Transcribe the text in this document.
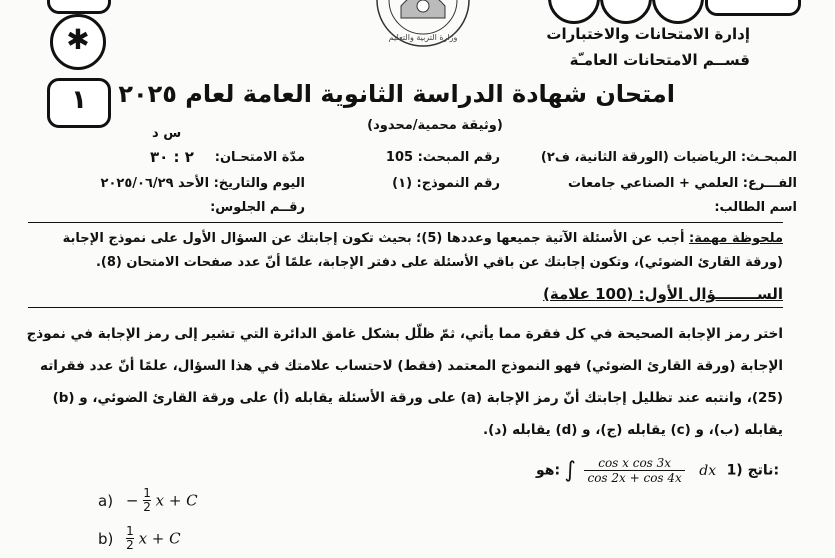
✱
١
وزارة التربية والتعليم	إدارة الامتحانات والاختبارات
قســم الامتحانات العامـّة
امتحان شهادة الدراسة الثانوية العامة لعام ٢٠٢٥
(وثيقة محمية/محدود)
المبحـث: الرياضيات (الورقة الثانية، ف٢)
رقم المبحث: 105
مدّة الامتحـان:
س د
٢ : ٣٠
الفـــرع: العلمي + الصناعي جامعات
رقم النموذج: (١)
اليوم والتاريخ: الأحد ٢٠٢٥/٠٦/٢٩
اسم الطالب:
رقــم الجلوس:
ملحوظة مهمة: أجب عن الأسئلة الآتية جميعها وعددها (5)؛ بحيث تكون إجابتك عن السؤال الأول على نموذج الإجابة
(ورقة القارئ الضوئي)، وتكون إجابتك عن باقي الأسئلة على دفتر الإجابة، علمًا أنّ عدد صفحات الامتحان (8).
الســــــــؤال الأول: (100 علامة)
اختر رمز الإجابة الصحيحة في كل فقرة مما يأتي، ثمّ ظلّل بشكل غامق الدائرة التي تشير إلى رمز الإجابة في نموذج
الإجابة (ورقة القارئ الضوئي) فهو النموذج المعتمد (فقط) لاحتساب علامتك في هذا السؤال، علمًا أنّ عدد فقراته
(25)، وانتبه عند تظليل إجابتك أنّ رمز الإجابة (a) على ورقة الأسئلة يقابله (أ) على ورقة القارئ الضوئي، و (b)
يقابله (ب)، و (c) يقابله (ج)، و (d) يقابله (د).
هو: ∫ $\frac{\text{cos x cos 3x}}{\cos 2x + \cos 4x}$ dx 1) ناتج:
$a) - \frac{1}{2}$ x + C
$b) \frac{1}{2}$ x + C
